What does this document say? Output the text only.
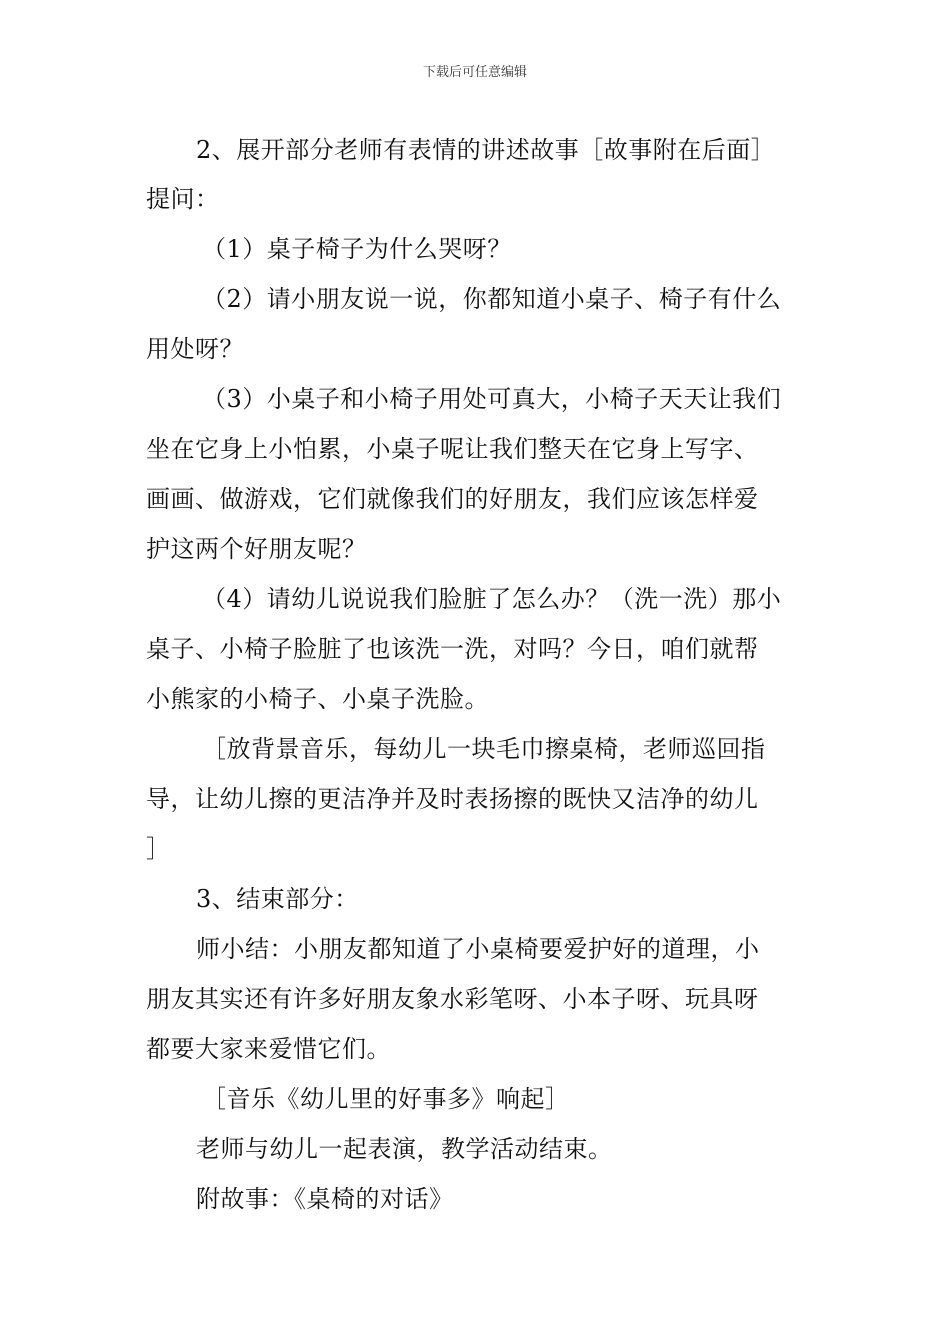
下载后可任意编辑
2、展开部分老师有表情的讲述故事［故事附在后面］
提问：
（1）桌子椅子为什么哭呀？
（2）请小朋友说一说，你都知道小桌子、椅子有什么
用处呀？
（3）小桌子和小椅子用处可真大，小椅子天天让我们
坐在它身上小怕累，小桌子呢让我们整天在它身上写字、
画画、做游戏，它们就像我们的好朋友，我们应该怎样爱
护这两个好朋友呢？
（4）请幼儿说说我们脸脏了怎么办？（洗一洗）那小
桌子、小椅子脸脏了也该洗一洗，对吗？今日，咱们就帮
小熊家的小椅子、小桌子洗脸。
［放背景音乐，每幼儿一块毛巾擦桌椅，老师巡回指
导，让幼儿擦的更洁净并及时表扬擦的既快又洁净的幼儿
］
3、结束部分：
师小结：小朋友都知道了小桌椅要爱护好的道理，小
朋友其实还有许多好朋友象水彩笔呀、小本子呀、玩具呀
都要大家来爱惜它们。
［音乐《幼儿里的好事多》响起］
老师与幼儿一起表演，教学活动结束。
附故事：《桌椅的对话》
